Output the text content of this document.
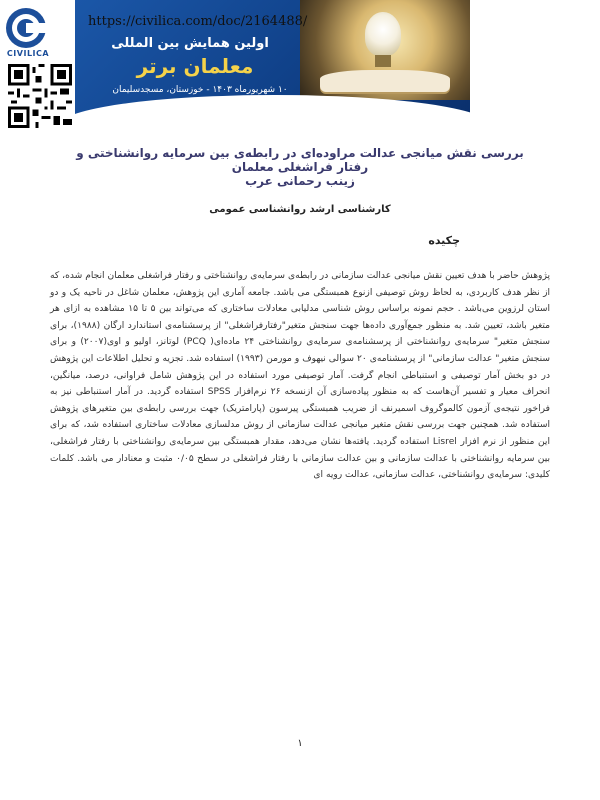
CIVILICA
https://civilica.com/doc/2164488/
اولین همایش بین المللی
معلمان برتر
۱۰ شهریورماه ۱۴۰۳ - خوزستان، مسجدسلیمان
misconf.ir
بررسی نقش میانجی عدالت مراوده‌ای در رابطه‌ی بین سرمایه روانشناختی و رفتار فراشغلی معلمان
زینب رحمانی عرب
کارشناسی ارشد روانشناسی عمومی
چکیده
پژوهش حاضر با هدف تعیین نقش میانجی عدالت سازمانی در رابطه‌ی سرمایه‌ی روانشناختی و رفتار فراشغلی معلمان انجام شده، که از نظر هدف کاربردی، به لحاظ روش توصیفی ازنوع همبستگی می باشد. جامعه آماری این پژوهش، معلمان شاغل در ناحیه یک و دو استان لرزوین می‌باشد . حجم نمونه براساس روش شناسی مدلیابی معادلات ساختاری که می‌تواند بین ۵ تا ۱۵ مشاهده به ازای هر متغیر باشد، تعیین شد. به منظور جمع‌آوری داده‌ها جهت سنجش متغیر"رفتارفراشغلی" از پرسشنامه‌ی استاندارد ارگان (۱۹۸۸)، برای سنجش متغیر" سرمایه‌ی روانشناختی از پرسشنامه‌ی سرمایه‌ی روانشناختی ۲۴ ماده‌ای( PCQ) لوتانز، اولیو و اوی(۲۰۰۷) و برای سنجش متغیر" عدالت سازمانی" از پرسشنامه‌ی ۲۰ سوالی نیهوف و مورمن (۱۹۹۳) استفاده شد. تجزیه و تحلیل اطلاعات این پژوهش در دو بخش آمار توصیفی و استنباطی انجام گرفت. آمار توصیفی مورد استفاده در این پژوهش شامل فراوانی، درصد، میانگین، انحراف معیار و تفسیر آن‌هاست که به منظور پیاده‌سازی آن ازنسخه ۲۶ نرم‌افزار SPSS استفاده گردید. در آمار استنباطی نیز به فراخور نتیجه‌ی آزمون کالموگروف اسمیرنف از ضریب همبستگی پیرسون (پارامتریک) جهت بررسی رابطه‌ی بین متغیرهای پژوهش استفاده شد. همچنین جهت بررسی نقش متغیر میانجی عدالت سازمانی از روش مدلسازی معادلات ساختاری استفاده شد، که برای این منظور از نرم افزار Lisrel استفاده گردید. یافته‌ها نشان می‌دهد، مقدار همبستگی بین سرمایه‌ی روانشناختی با رفتار فراشغلی، بین سرمایه روانشناختی با عدالت سازمانی و بین عدالت سازمانی با رفتار فراشغلی در سطح ۰/۰۵ مثبت و معنادار می باشد. کلمات کلیدی: سرمایه‌ی روانشناختی، عدالت سازمانی، عدالت رویه ای
۱
